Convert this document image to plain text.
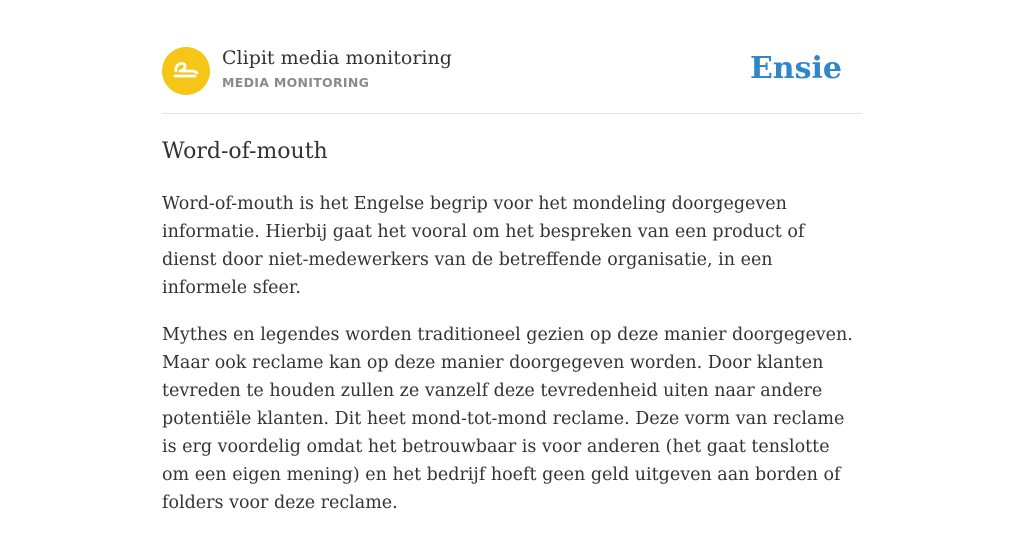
Clipit media monitoring
MEDIA MONITORING	Ensie
Word-of-mouth

Word-of-mouth is het Engelse begrip voor het mondeling doorgegeven informatie. Hierbij gaat het vooral om het bespreken van een product of dienst door niet-medewerkers van de betreffende organisatie, in een informele sfeer.

Mythes en legendes worden traditioneel gezien op deze manier doorgegeven. Maar ook reclame kan op deze manier doorgegeven worden. Door klanten tevreden te houden zullen ze vanzelf deze tevredenheid uiten naar andere potentiële klanten. Dit heet mond-tot-mond reclame. Deze vorm van reclame is erg voordelig omdat het betrouwbaar is voor anderen (het gaat tenslotte om een eigen mening) en het bedrijf hoeft geen geld uitgeven aan borden of folders voor deze reclame.
